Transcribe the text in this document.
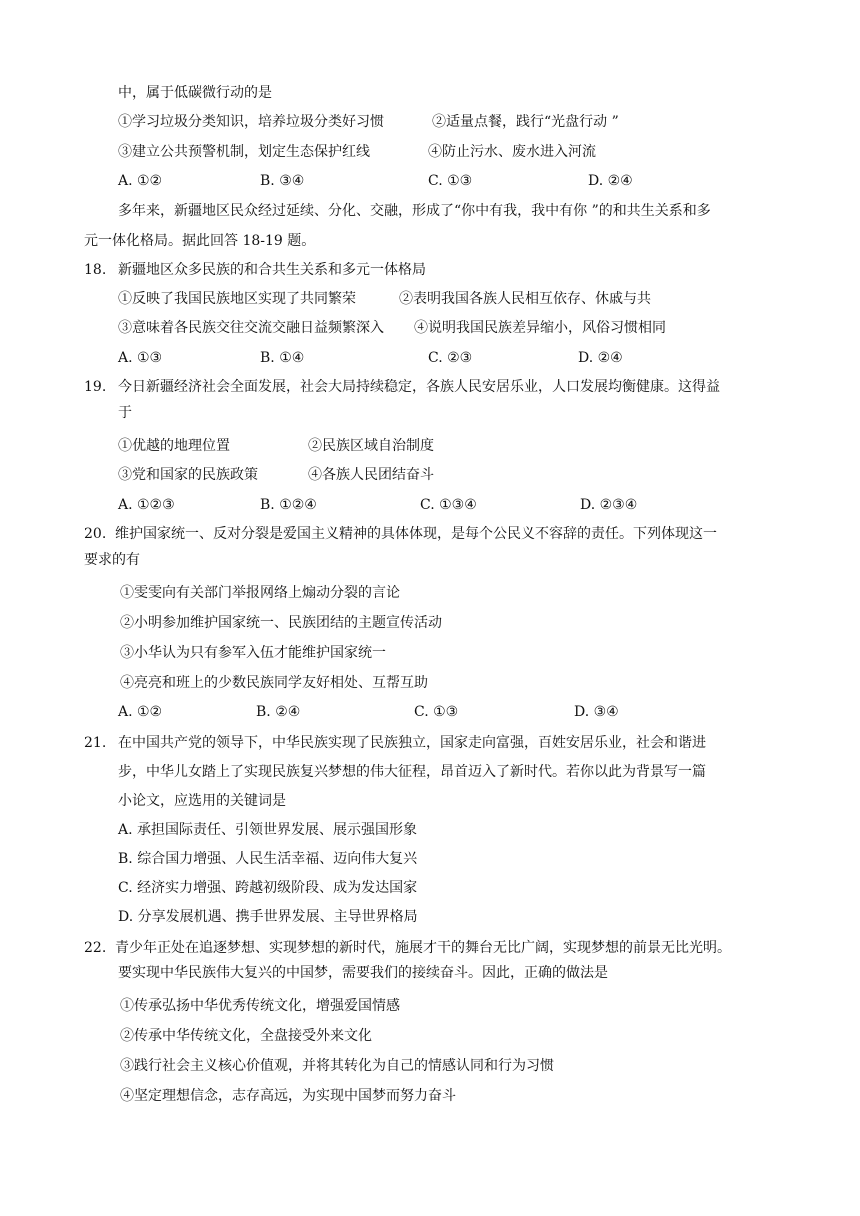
中，属于低碳微行动的是
①学习垃圾分类知识，培养垃圾分类好习惯	②适量点餐，践行“光盘行动 ”
③建立公共预警机制，划定生态保护红线	④防止污水、废水进入河流
A. ①②	B. ③④	C. ①③	D. ②④
多年来，新疆地区民众经过延续、分化、交融，形成了“你中有我，我中有你 ”的和共生关系和多
元一体化格局。据此回答 18-19 题。
18. 新疆地区众多民族的和合共生关系和多元一体格局
①反映了我国民族地区实现了共同繁荣	②表明我国各族人民相互依存、休戚与共
③意味着各民族交往交流交融日益频繁深入 ④说明我国民族差异缩小，风俗习惯相同
A. ①③	B. ①④	C. ②③	D. ②④
19. 今日新疆经济社会全面发展，社会大局持续稳定，各族人民安居乐业，人口发展均衡健康。这得益
于
①优越的地理位置	②民族区域自治制度
③党和国家的民族政策	④各族人民团结奋斗
A. ①②③	B. ①②④	C. ①③④	D. ②③④
20. 维护国家统一、反对分裂是爱国主义精神的具体体现，是每个公民义不容辞的责任。下列体现这一
要求的有
①雯雯向有关部门举报网络上煽动分裂的言论
②小明参加维护国家统一、民族团结的主题宣传活动
③小华认为只有参军入伍才能维护国家统一
④亮亮和班上的少数民族同学友好相处、互帮互助
A. ①②	B. ②④	C. ①③	D. ③④
21. 在中国共产党的领导下，中华民族实现了民族独立，国家走向富强，百姓安居乐业，社会和谐进
步，中华儿女踏上了实现民族复兴梦想的伟大征程，昂首迈入了新时代。若你以此为背景写一篇
小论文，应选用的关键词是
A. 承担国际责任、引领世界发展、展示强国形象
B. 综合国力增强、人民生活幸福、迈向伟大复兴
C. 经济实力增强、跨越初级阶段、成为发达国家
D. 分享发展机遇、携手世界发展、主导世界格局
22. 青少年正处在追逐梦想、实现梦想的新时代，施展才干的舞台无比广阔，实现梦想的前景无比光明。
要实现中华民族伟大复兴的中国梦，需要我们的接续奋斗。因此，正确的做法是
①传承弘扬中华优秀传统文化，增强爱国情感
②传承中华传统文化，全盘接受外来文化
③践行社会主义核心价值观，并将其转化为自己的情感认同和行为习惯
④坚定理想信念，志存高远，为实现中国梦而努力奋斗
